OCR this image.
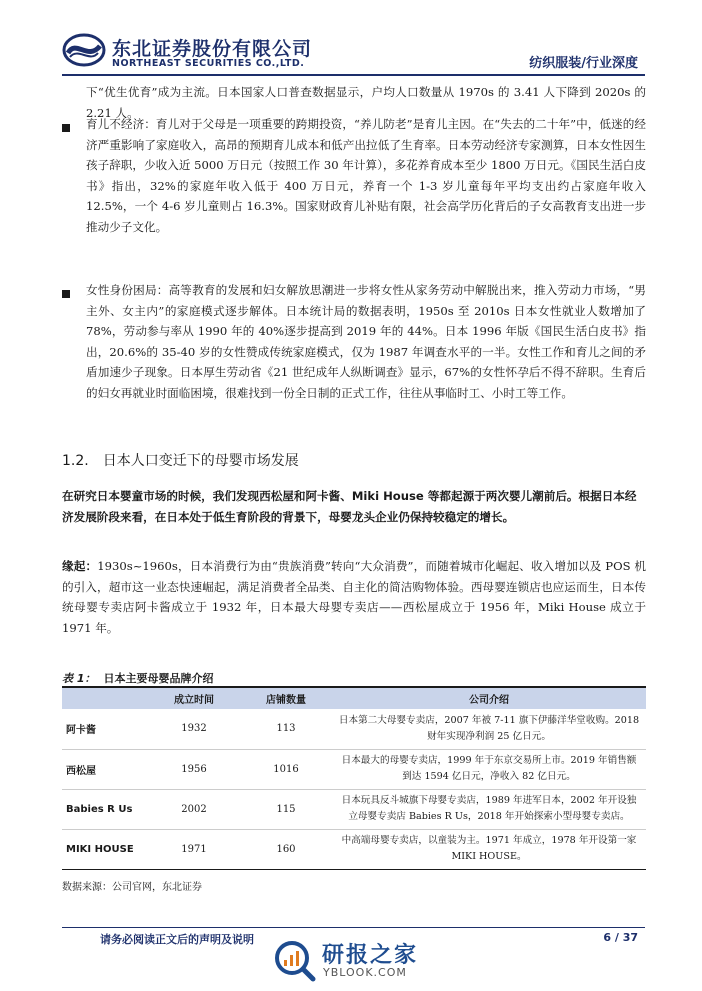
东北证券股份有限公司
NORTHEAST SECURITIES CO.,LTD.	纺织服装/行业深度
下“优生优育”成为主流。日本国家人口普查数据显示，户均人口数量从 1970s 的 3.41 人下降到 2020s 的 2.21 人。
育儿不经济：育儿对于父母是一项重要的跨期投资，“养儿防老”是育儿主因。在“失去的二十年”中，低迷的经济严重影响了家庭收入，高昂的预期育儿成本和低产出拉低了生育率。日本劳动经济专家测算，日本女性因生孩子辞职，少收入近 5000 万日元（按照工作 30 年计算），多花养育成本至少 1800 万日元。《国民生活白皮书》指出，32%的家庭年收入低于 400 万日元，养育一个 1-3 岁儿童每年平均支出约占家庭年收入 12.5%，一个 4-6 岁儿童则占 16.3%。国家财政育儿补贴有限，社会高学历化背后的子女高教育支出进一步推动少子文化。
女性身份困局：高等教育的发展和妇女解放思潮进一步将女性从家务劳动中解脱出来，推入劳动力市场，“男主外、女主内”的家庭模式逐步解体。日本统计局的数据表明，1950s 至 2010s 日本女性就业人数增加了 78%，劳动参与率从 1990 年的 40%逐步提高到 2019 年的 44%。日本 1996 年版《国民生活白皮书》指出，20.6%的 35-40 岁的女性赞成传统家庭模式，仅为 1987 年调查水平的一半。女性工作和育儿之间的矛盾加速少子现象。日本厚生劳动省《21 世纪成年人纵断调查》显示，67%的女性怀孕后不得不辞职。生育后的妇女再就业时面临困境，很难找到一份全日制的正式工作，往往从事临时工、小时工等工作。
1.2. 日本人口变迁下的母婴市场发展
在研究日本婴童市场的时候，我们发现西松屋和阿卡酱、Miki House 等都起源于两次婴儿潮前后。根据日本经济发展阶段来看，在日本处于低生育阶段的背景下，母婴龙头企业仍保持较稳定的增长。
缘起：1930s~1960s，日本消费行为由“贵族消费”转向“大众消费”，而随着城市化崛起、收入增加以及 POS 机的引入，超市这一业态快速崛起，满足消费者全品类、自主化的简洁购物体验。西母婴连锁店也应运而生，日本传统母婴专卖店阿卡酱成立于 1932 年，日本最大母婴专卖店——西松屋成立于 1956 年，Miki House 成立于 1971 年。
表 1： 日本主要母婴品牌介绍
	成立时间	店铺数量	公司介绍
阿卡酱	1932	113	日本第二大母婴专卖店，2007 年被 7-11 旗下伊藤洋华堂收购。2018 财年实现净利润 25 亿日元。
西松屋	1956	1016	日本最大的母婴专卖店，1999 年于东京交易所上市。2019 年销售额到达 1594 亿日元，净收入 82 亿日元。
Babies R Us	2002	115	日本玩具反斗城旗下母婴专卖店，1989 年进军日本，2002 年开设独立母婴专卖店 Babies R Us，2018 年开始探索小型母婴专卖店。
MIKI HOUSE	1971	160	中高端母婴专卖店，以童装为主。1971 年成立，1978 年开设第一家 MIKI HOUSE。
数据来源：公司官网，东北证券
请务必阅读正文后的声明及说明	6 / 37
研报之家
YBLOOK.COM
